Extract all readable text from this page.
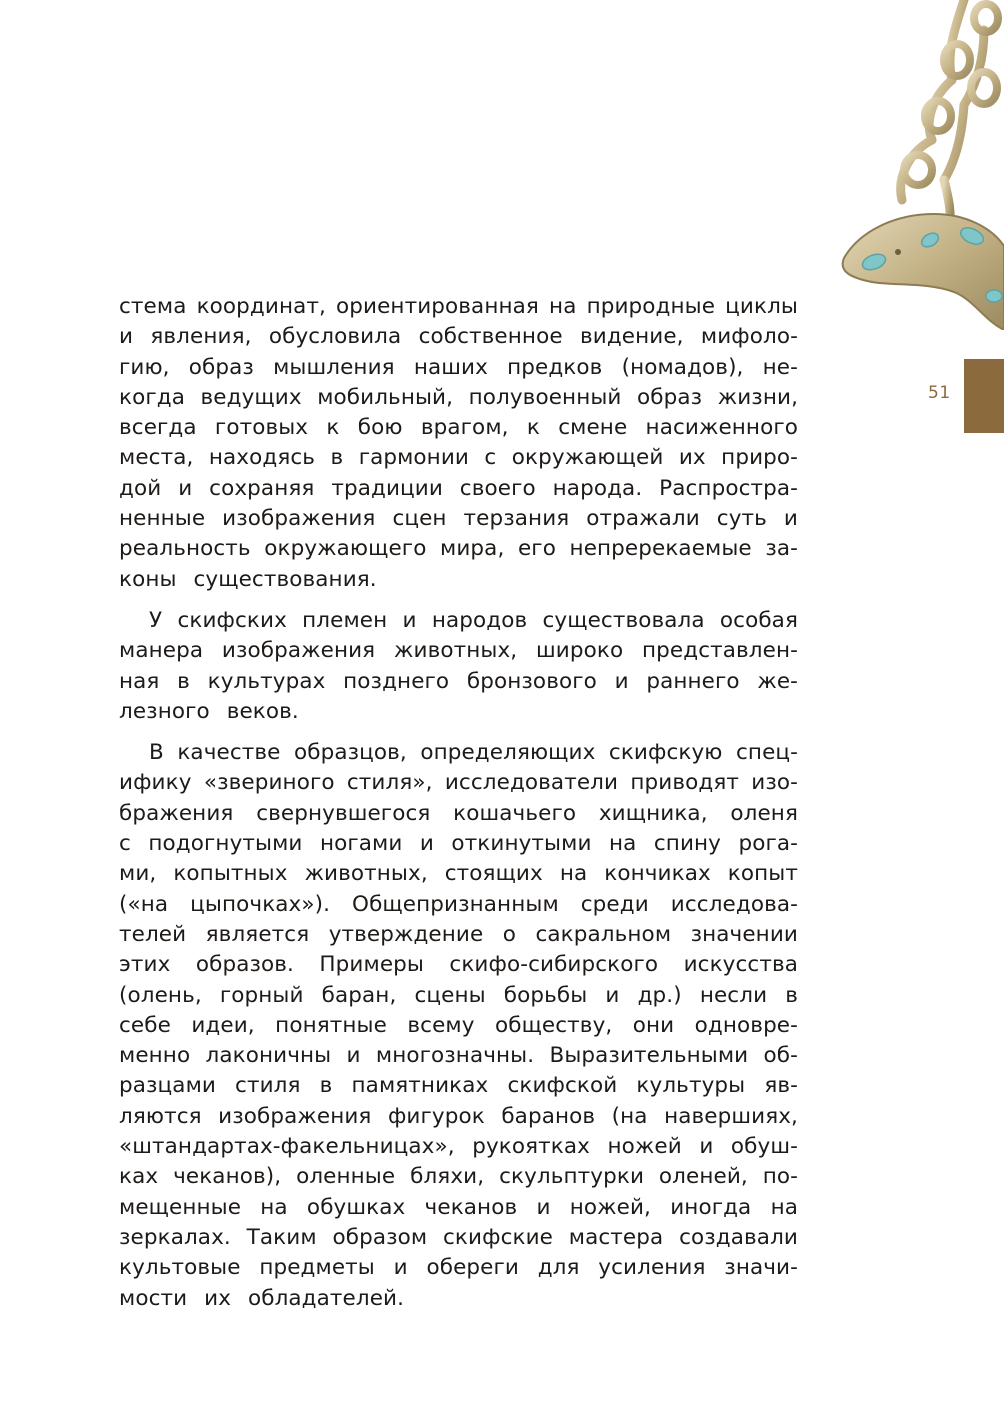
51
стема координат, ориентированная на природные циклы
и явления, обусловила собственное видение, мифоло-
гию, образ мышления наших предков (номадов), не-
когда ведущих мобильный, полувоенный образ жизни,
всегда готовых к бою врагом, к смене насиженного
места, находясь в гармонии с окружающей их приро-
дой и сохраняя традиции своего народа. Распростра-
ненные изображения сцен терзания отражали суть и
реальность окружающего мира, его непререкаемые за-
коны существования.
У скифских племен и народов существовала особая
манера изображения животных, широко представлен-
ная в культурах позднего бронзового и раннего же-
лезного веков.
В качестве образцов, определяющих скифскую спец-
ифику «звериного стиля», исследователи приводят изо-
бражения свернувшегося кошачьего хищника, оленя
с подогнутыми ногами и откинутыми на спину рога-
ми, копытных животных, стоящих на кончиках копыт
(«на цыпочках»). Общепризнанным среди исследова-
телей является утверждение о сакральном значении
этих образов. Примеры скифо-сибирского искусства
(олень, горный баран, сцены борьбы и др.) несли в
себе идеи, понятные всему обществу, они одновре-
менно лаконичны и многозначны. Выразительными об-
разцами стиля в памятниках скифской культуры яв-
ляются изображения фигурок баранов (на навершиях,
«штандартах-факельницах», рукоятках ножей и обуш-
ках чеканов), оленные бляхи, скульптурки оленей, по-
мещенные на обушках чеканов и ножей, иногда на
зеркалах. Таким образом скифские мастера создавали
культовые предметы и обереги для усиления значи-
мости их обладателей.
